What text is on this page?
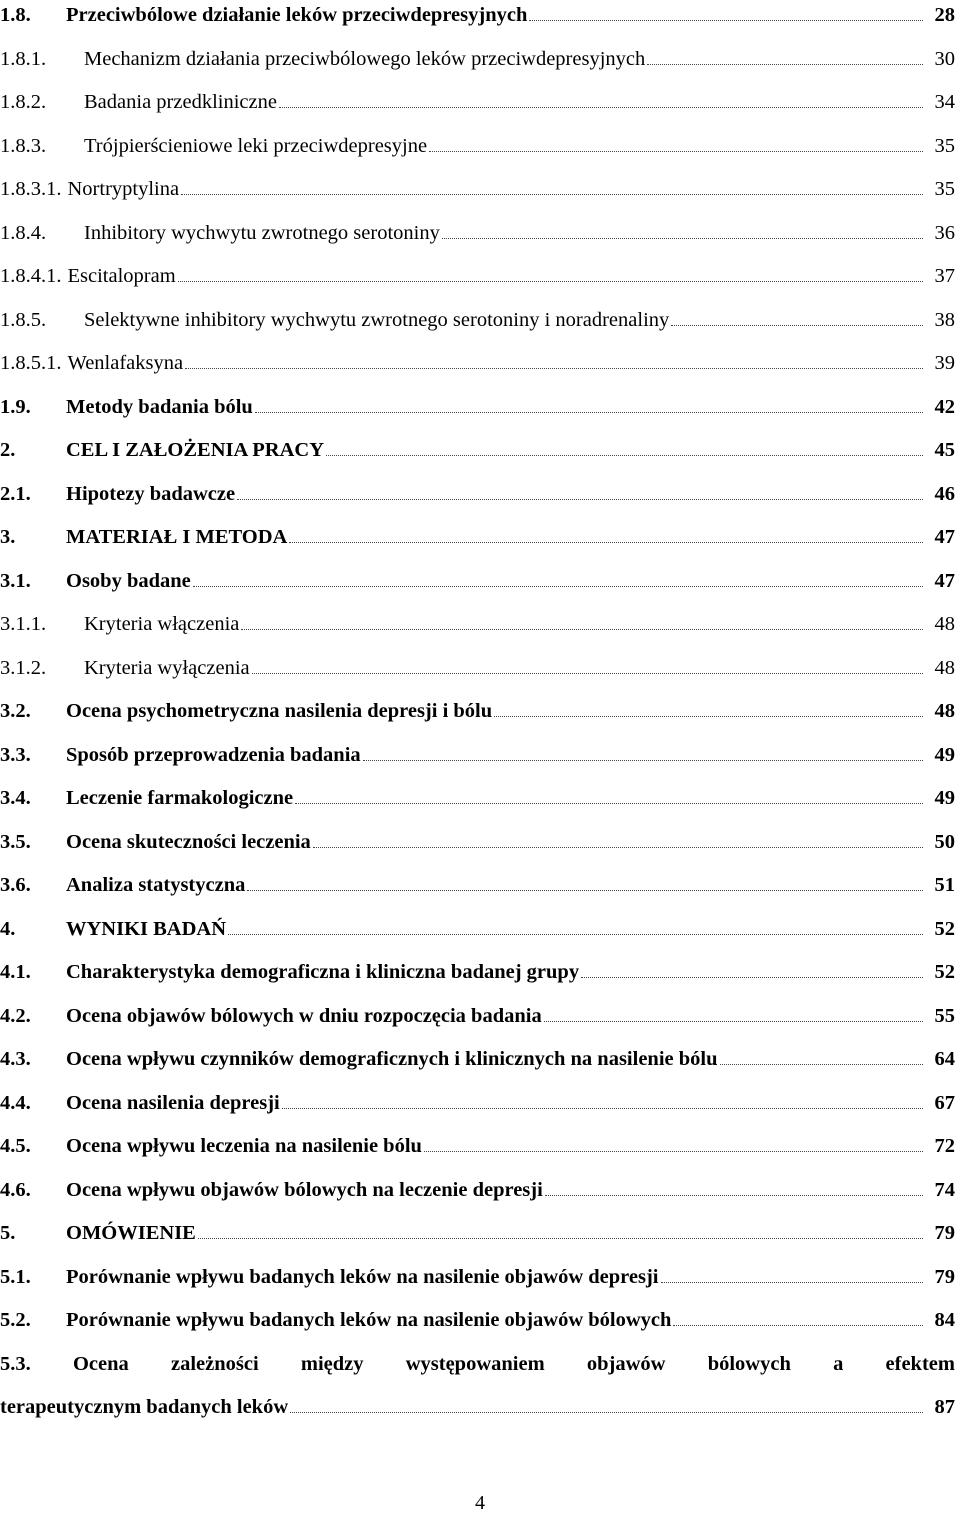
1.8.	Przeciwbólowe działanie leków przeciwdepresyjnych	28
1.8.1.	Mechanizm działania przeciwbólowego leków przeciwdepresyjnych	30
1.8.2.	Badania przedkliniczne	34
1.8.3.	Trójpierścieniowe leki przeciwdepresyjne	35
1.8.3.1. Nortryptylina	35
1.8.4.	Inhibitory wychwytu zwrotnego serotoniny	36
1.8.4.1. Escitalopram	37
1.8.5.	Selektywne inhibitory wychwytu zwrotnego serotoniny i noradrenaliny	38
1.8.5.1. Wenlafaksyna	39
1.9.	Metody badania bólu	42
2.	CEL I ZAŁOŻENIA PRACY	45
2.1.	Hipotezy badawcze	46
3.	MATERIAŁ I METODA	47
3.1.	Osoby badane	47
3.1.1.	Kryteria włączenia	48
3.1.2.	Kryteria wyłączenia	48
3.2.	Ocena psychometryczna nasilenia depresji i bólu	48
3.3.	Sposób przeprowadzenia badania	49
3.4.	Leczenie farmakologiczne	49
3.5.	Ocena skuteczności leczenia	50
3.6.	Analiza statystyczna	51
4.	WYNIKI BADAŃ	52
4.1.	Charakterystyka demograficzna i kliniczna badanej grupy	52
4.2.	Ocena objawów bólowych w dniu rozpoczęcia badania	55
4.3.	Ocena wpływu czynników demograficznych i klinicznych na nasilenie bólu	64
4.4.	Ocena nasilenia depresji	67
4.5.	Ocena wpływu leczenia na nasilenie bólu	72
4.6.	Ocena wpływu objawów bólowych na leczenie depresji	74
5.	OMÓWIENIE	79
5.1.	Porównanie wpływu badanych leków na nasilenie objawów depresji	79
5.2.	Porównanie wpływu badanych leków na nasilenie objawów bólowych	84
5.3. Ocena zależności między występowaniem objawów bólowych a efektem
terapeutycznym badanych leków	87
4
